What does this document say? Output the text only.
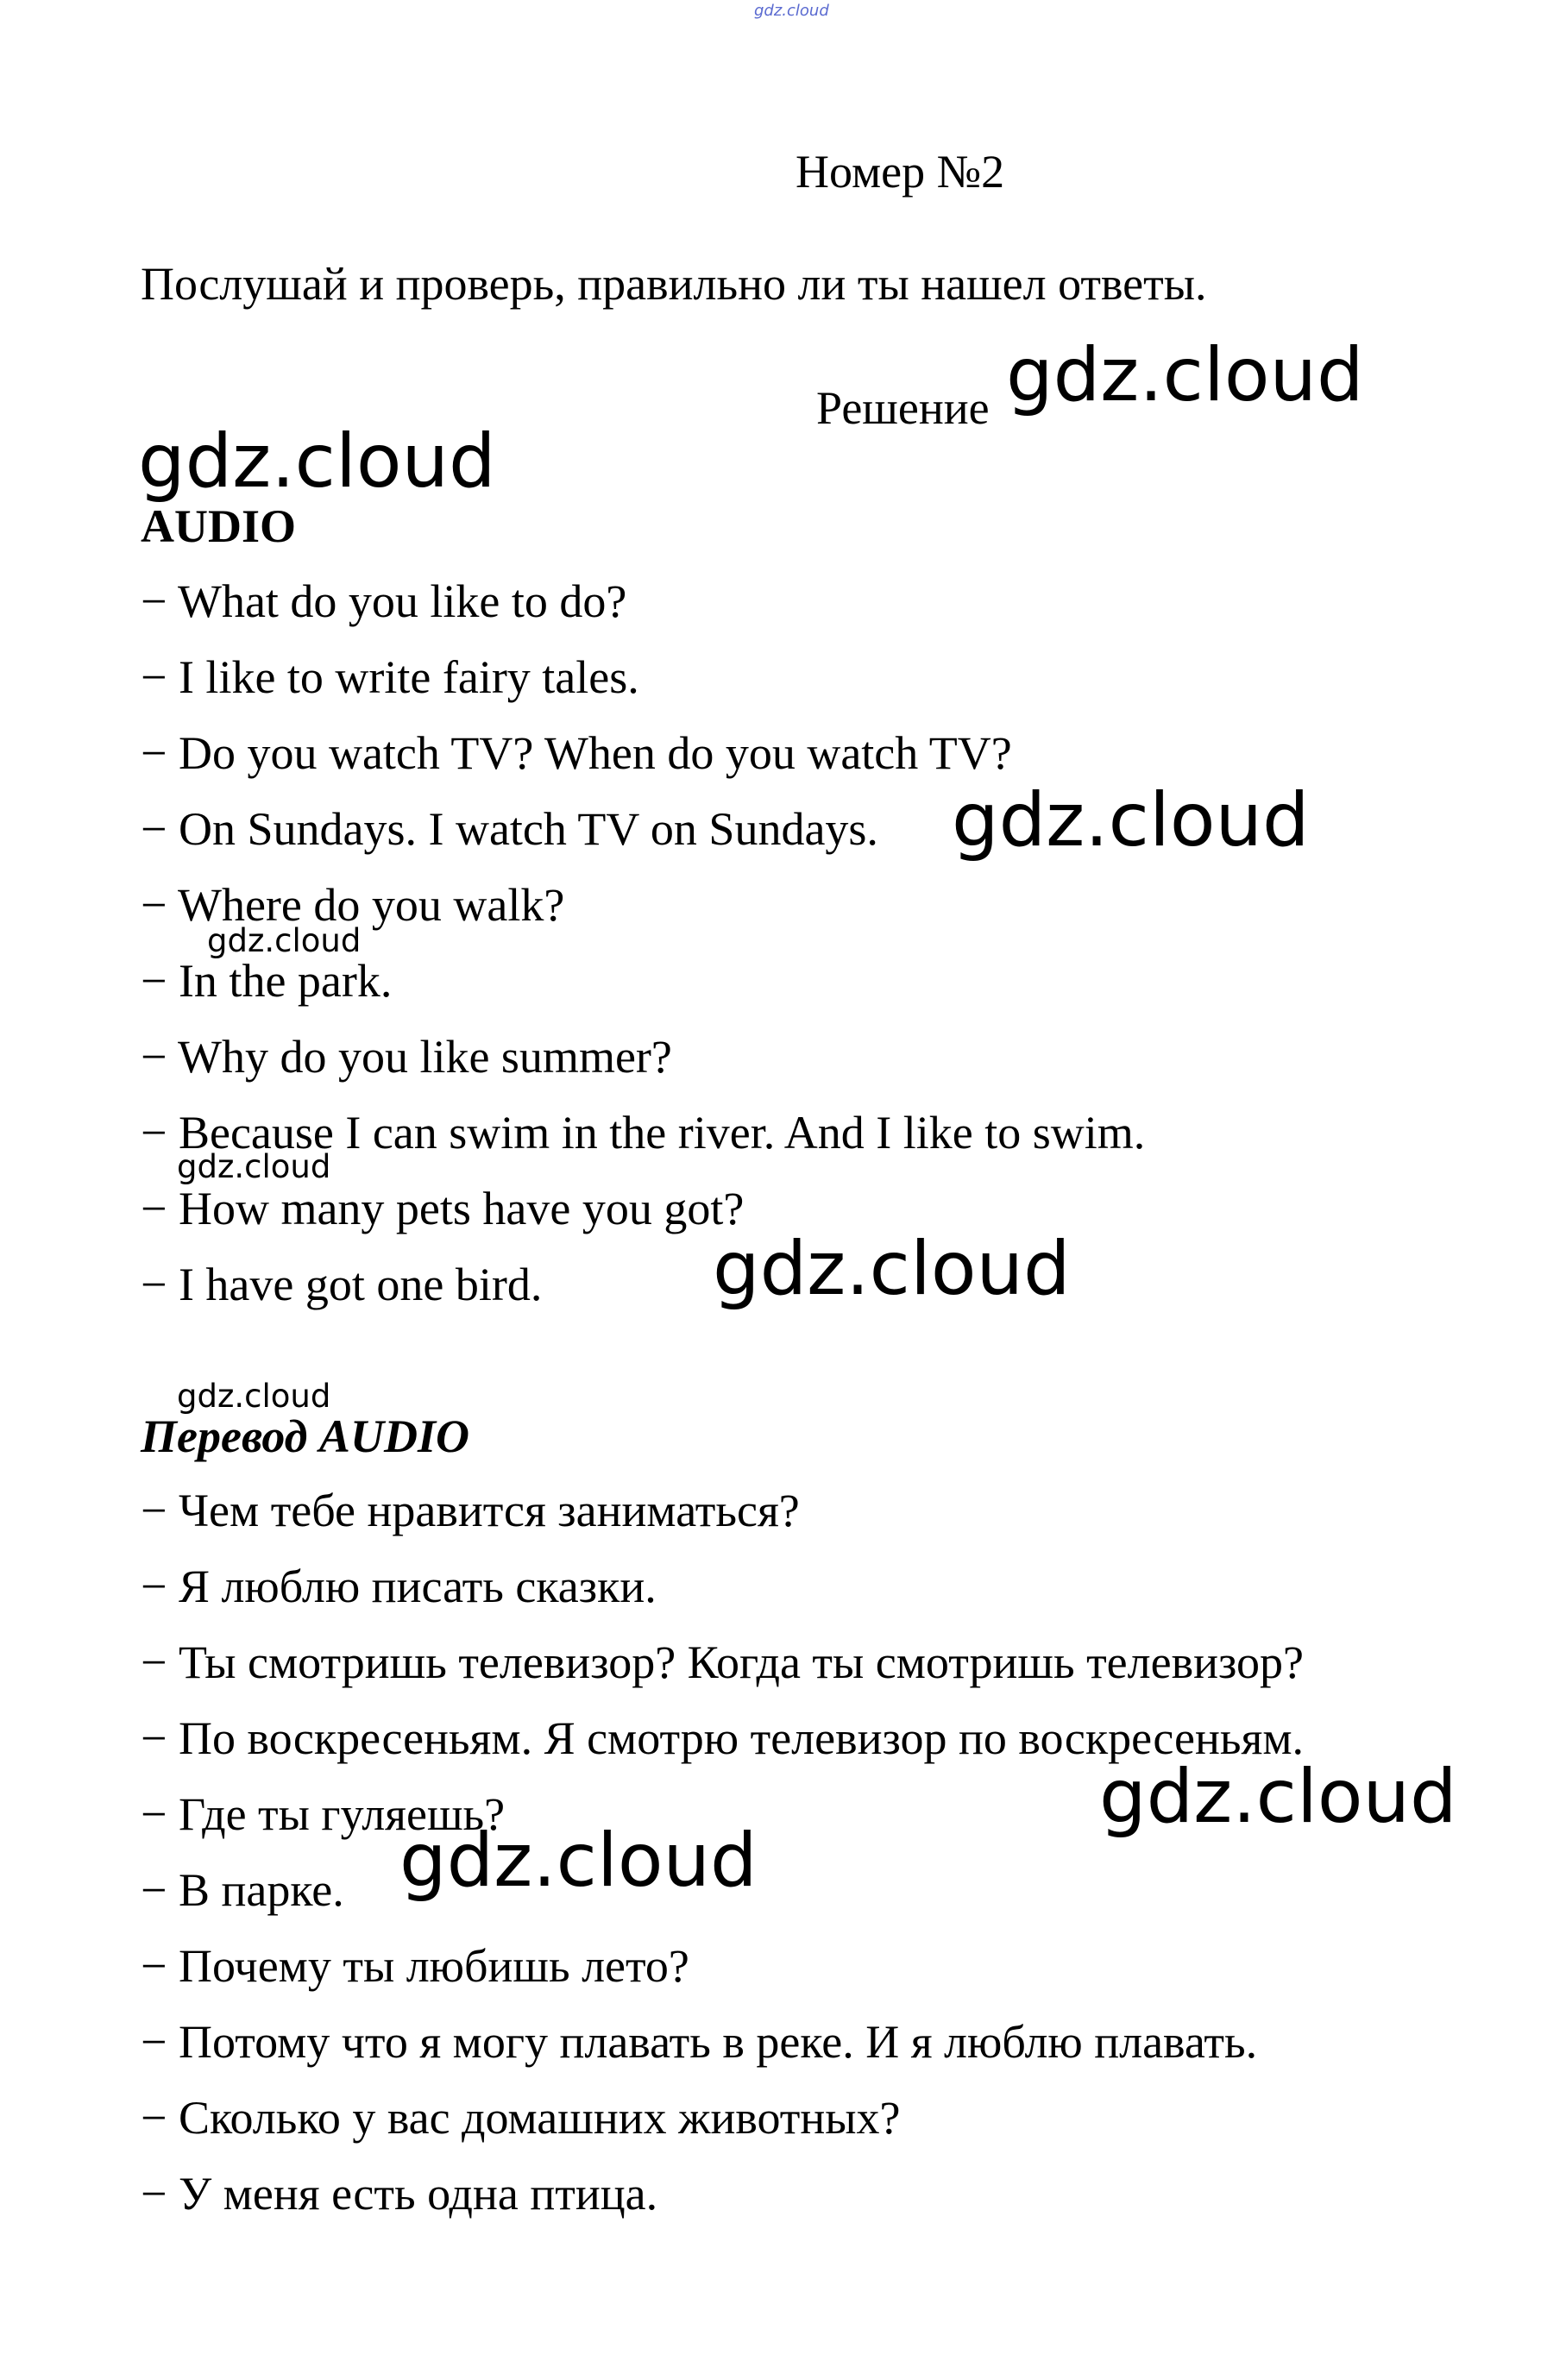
gdz.cloud
Номер №2
Послушай и проверь, правильно ли ты нашел ответы.
Решение
AUDIO
− What do you like to do?
− I like to write fairy tales.
− Do you watch TV? When do you watch TV?
− On Sundays. I watch TV on Sundays.
− Where do you walk?
− In the park.
− Why do you like summer?
− Because I can swim in the river. And I like to swim.
− How many pets have you got?
− I have got one bird.
Перевод AUDIO
− Чем тебе нравится заниматься?
− Я люблю писать сказки.
− Ты смотришь телевизор? Когда ты смотришь телевизор?
− По воскресеньям. Я смотрю телевизор по воскресеньям.
− Где ты гуляешь?
− В парке.
− Почему ты любишь лето?
− Потому что я могу плавать в реке. И я люблю плавать.
− Сколько у вас домашних животных?
− У меня есть одна птица.
gdz.cloud
gdz.cloud
gdz.cloud
gdz.cloud
gdz.cloud
gdz.cloud
gdz.cloud
gdz.cloud
gdz.cloud
